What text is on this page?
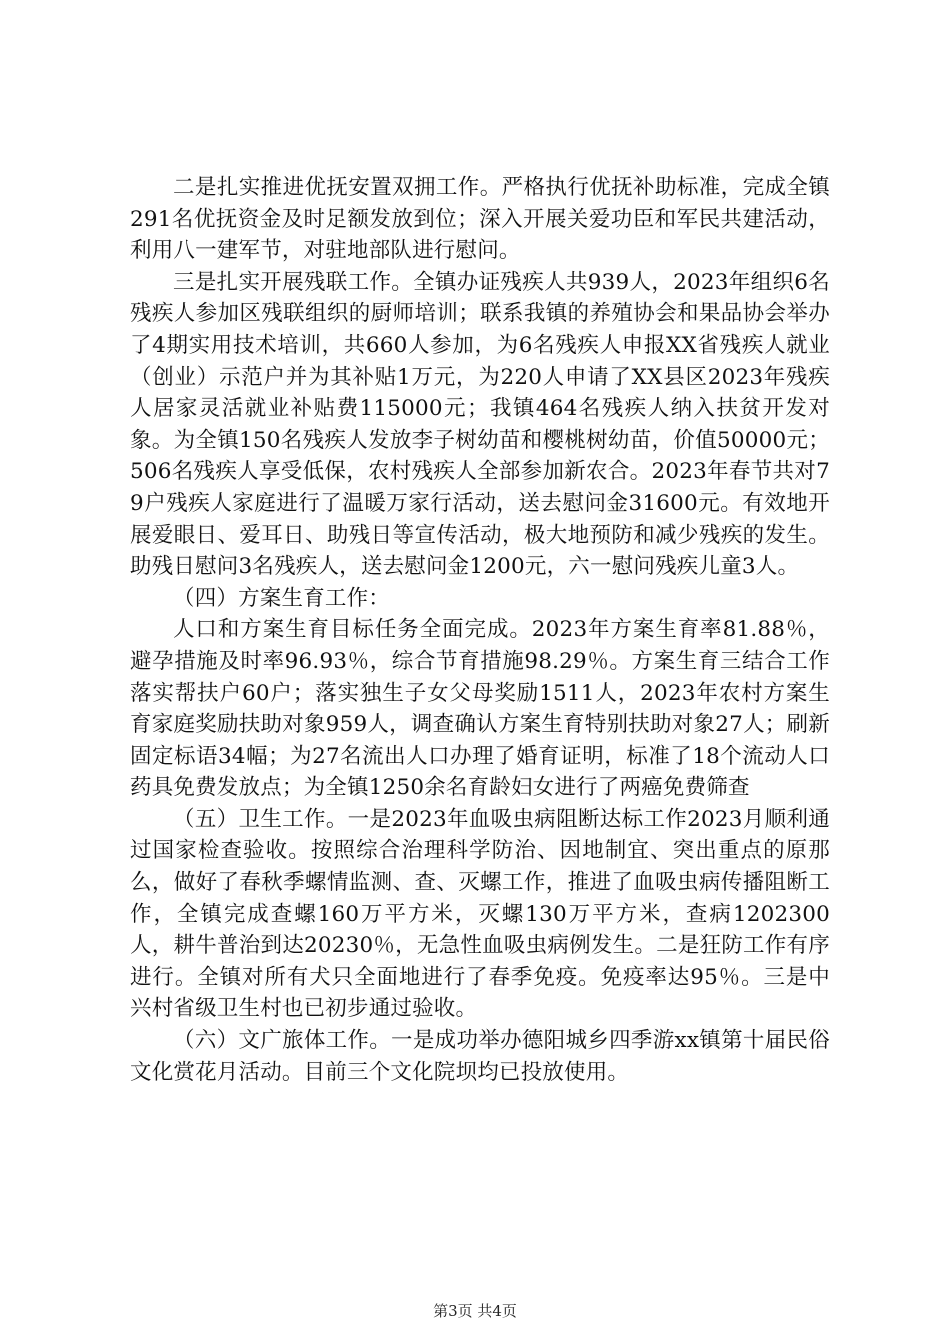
二是扎实推进优抚安置双拥工作。严格执行优抚补助标准，完成全镇291名优抚资金及时足额发放到位；深入开展关爱功臣和军民共建活动，利用八一建军节，对驻地部队进行慰问。

三是扎实开展残联工作。全镇办证残疾人共939人，2023年组织6名残疾人参加区残联组织的厨师培训；联系我镇的养殖协会和果品协会举办了4期实用技术培训，共660人参加，为6名残疾人申报XX省残疾人就业（创业）示范户并为其补贴1万元，为220人申请了XX县区2023年残疾人居家灵活就业补贴费115000元；我镇464名残疾人纳入扶贫开发对象。为全镇150名残疾人发放李子树幼苗和樱桃树幼苗，价值50000元；506名残疾人享受低保，农村残疾人全部参加新农合。2023年春节共对79户残疾人家庭进行了温暖万家行活动，送去慰问金31600元。有效地开展爱眼日、爱耳日、助残日等宣传活动，极大地预防和减少残疾的发生。助残日慰问3名残疾人，送去慰问金1200元，六一慰问残疾儿童3人。

（四）方案生育工作：

人口和方案生育目标任务全面完成。2023年方案生育率81.88％，避孕措施及时率96.93％，综合节育措施98.29％。方案生育三结合工作落实帮扶户60户；落实独生子女父母奖励1511人，2023年农村方案生育家庭奖励扶助对象959人，调查确认方案生育特别扶助对象27人；刷新固定标语34幅；为27名流出人口办理了婚育证明，标准了18个流动人口药具免费发放点；为全镇1250余名育龄妇女进行了两癌免费筛查

（五）卫生工作。一是2023年血吸虫病阻断达标工作2023月顺利通过国家检查验收。按照综合治理科学防治、因地制宜、突出重点的原那么，做好了春秋季螺情监测、查、灭螺工作，推进了血吸虫病传播阻断工作，全镇完成查螺160万平方米，灭螺130万平方米，查病1202300人，耕牛普治到达20230％，无急性血吸虫病例发生。二是狂防工作有序进行。全镇对所有犬只全面地进行了春季免疫。免疫率达95％。三是中兴村省级卫生村也已初步通过验收。

（六）文广旅体工作。一是成功举办德阳城乡四季游xx镇第十届民俗文化赏花月活动。目前三个文化院坝均已投放使用。

第3页 共4页
